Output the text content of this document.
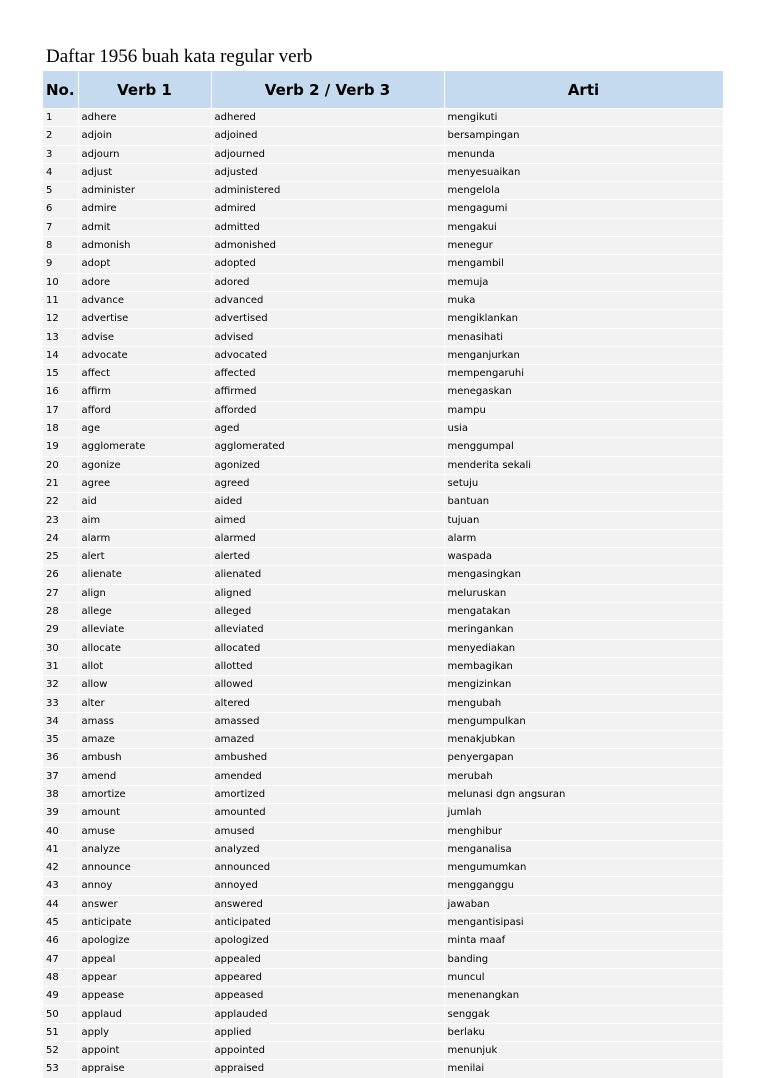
Daftar 1956 buah kata regular verb
No.	Verb 1	Verb 2 / Verb 3	Arti
1	adhere	adhered	mengikuti
2	adjoin	adjoined	bersampingan
3	adjourn	adjourned	menunda
4	adjust	adjusted	menyesuaikan
5	administer	administered	mengelola
6	admire	admired	mengagumi
7	admit	admitted	mengakui
8	admonish	admonished	menegur
9	adopt	adopted	mengambil
10	adore	adored	memuja
11	advance	advanced	muka
12	advertise	advertised	mengiklankan
13	advise	advised	menasihati
14	advocate	advocated	menganjurkan
15	affect	affected	mempengaruhi
16	affirm	affirmed	menegaskan
17	afford	afforded	mampu
18	age	aged	usia
19	agglomerate	agglomerated	menggumpal
20	agonize	agonized	menderita sekali
21	agree	agreed	setuju
22	aid	aided	bantuan
23	aim	aimed	tujuan
24	alarm	alarmed	alarm
25	alert	alerted	waspada
26	alienate	alienated	mengasingkan
27	align	aligned	meluruskan
28	allege	alleged	mengatakan
29	alleviate	alleviated	meringankan
30	allocate	allocated	menyediakan
31	allot	allotted	membagikan
32	allow	allowed	mengizinkan
33	alter	altered	mengubah
34	amass	amassed	mengumpulkan
35	amaze	amazed	menakjubkan
36	ambush	ambushed	penyergapan
37	amend	amended	merubah
38	amortize	amortized	melunasi dgn angsuran
39	amount	amounted	jumlah
40	amuse	amused	menghibur
41	analyze	analyzed	menganalisa
42	announce	announced	mengumumkan
43	annoy	annoyed	mengganggu
44	answer	answered	jawaban
45	anticipate	anticipated	mengantisipasi
46	apologize	apologized	minta maaf
47	appeal	appealed	banding
48	appear	appeared	muncul
49	appease	appeased	menenangkan
50	applaud	applauded	senggak
51	apply	applied	berlaku
52	appoint	appointed	menunjuk
53	appraise	appraised	menilai
